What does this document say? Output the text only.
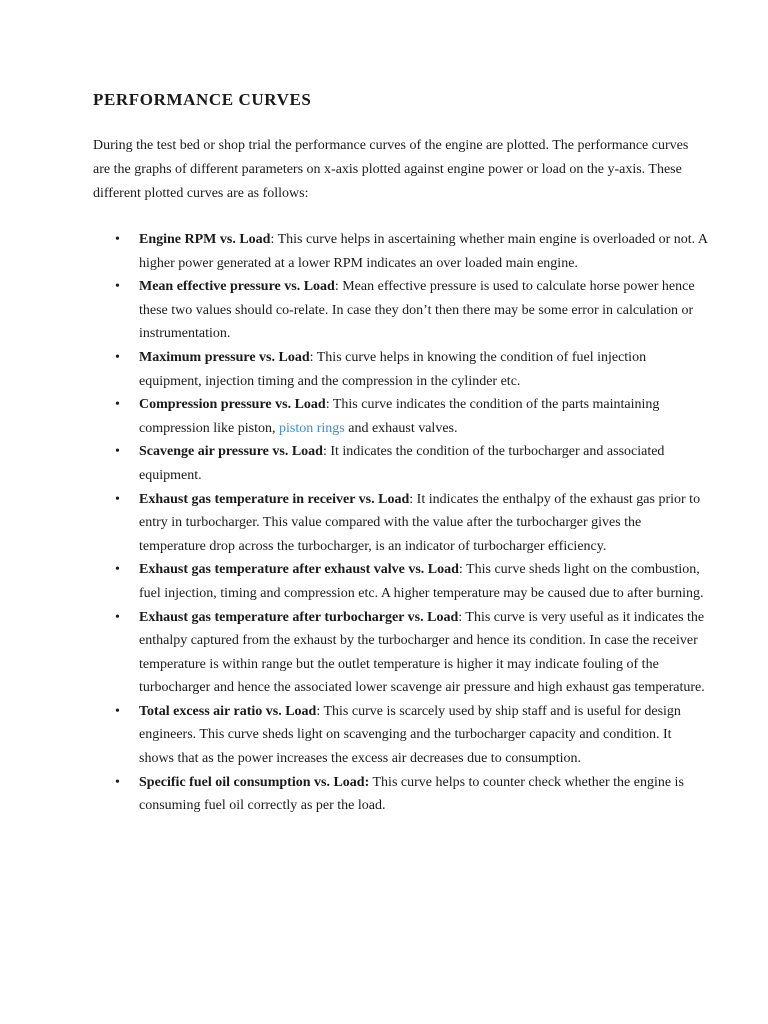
PERFORMANCE CURVES

During the test bed or shop trial the performance curves of the engine are plotted. The performance curves are the graphs of different parameters on x-axis plotted against engine power or load on the y-axis. These different plotted curves are as follows:

• Engine RPM vs. Load: This curve helps in ascertaining whether main engine is overloaded or not. A higher power generated at a lower RPM indicates an over loaded main engine.
• Mean effective pressure vs. Load: Mean effective pressure is used to calculate horse power hence these two values should co-relate. In case they don’t then there may be some error in calculation or instrumentation.
• Maximum pressure vs. Load: This curve helps in knowing the condition of fuel injection equipment, injection timing and the compression in the cylinder etc.
• Compression pressure vs. Load: This curve indicates the condition of the parts maintaining compression like piston, piston rings and exhaust valves.
• Scavenge air pressure vs. Load: It indicates the condition of the turbocharger and associated equipment.
• Exhaust gas temperature in receiver vs. Load: It indicates the enthalpy of the exhaust gas prior to entry in turbocharger. This value compared with the value after the turbocharger gives the temperature drop across the turbocharger, is an indicator of turbocharger efficiency.
• Exhaust gas temperature after exhaust valve vs. Load: This curve sheds light on the combustion, fuel injection, timing and compression etc. A higher temperature may be caused due to after burning.
• Exhaust gas temperature after turbocharger vs. Load: This curve is very useful as it indicates the enthalpy captured from the exhaust by the turbocharger and hence its condition. In case the receiver temperature is within range but the outlet temperature is higher it may indicate fouling of the turbocharger and hence the associated lower scavenge air pressure and high exhaust gas temperature.
• Total excess air ratio vs. Load: This curve is scarcely used by ship staff and is useful for design engineers. This curve sheds light on scavenging and the turbocharger capacity and condition. It shows that as the power increases the excess air decreases due to consumption.
• Specific fuel oil consumption vs. Load: This curve helps to counter check whether the engine is consuming fuel oil correctly as per the load.
